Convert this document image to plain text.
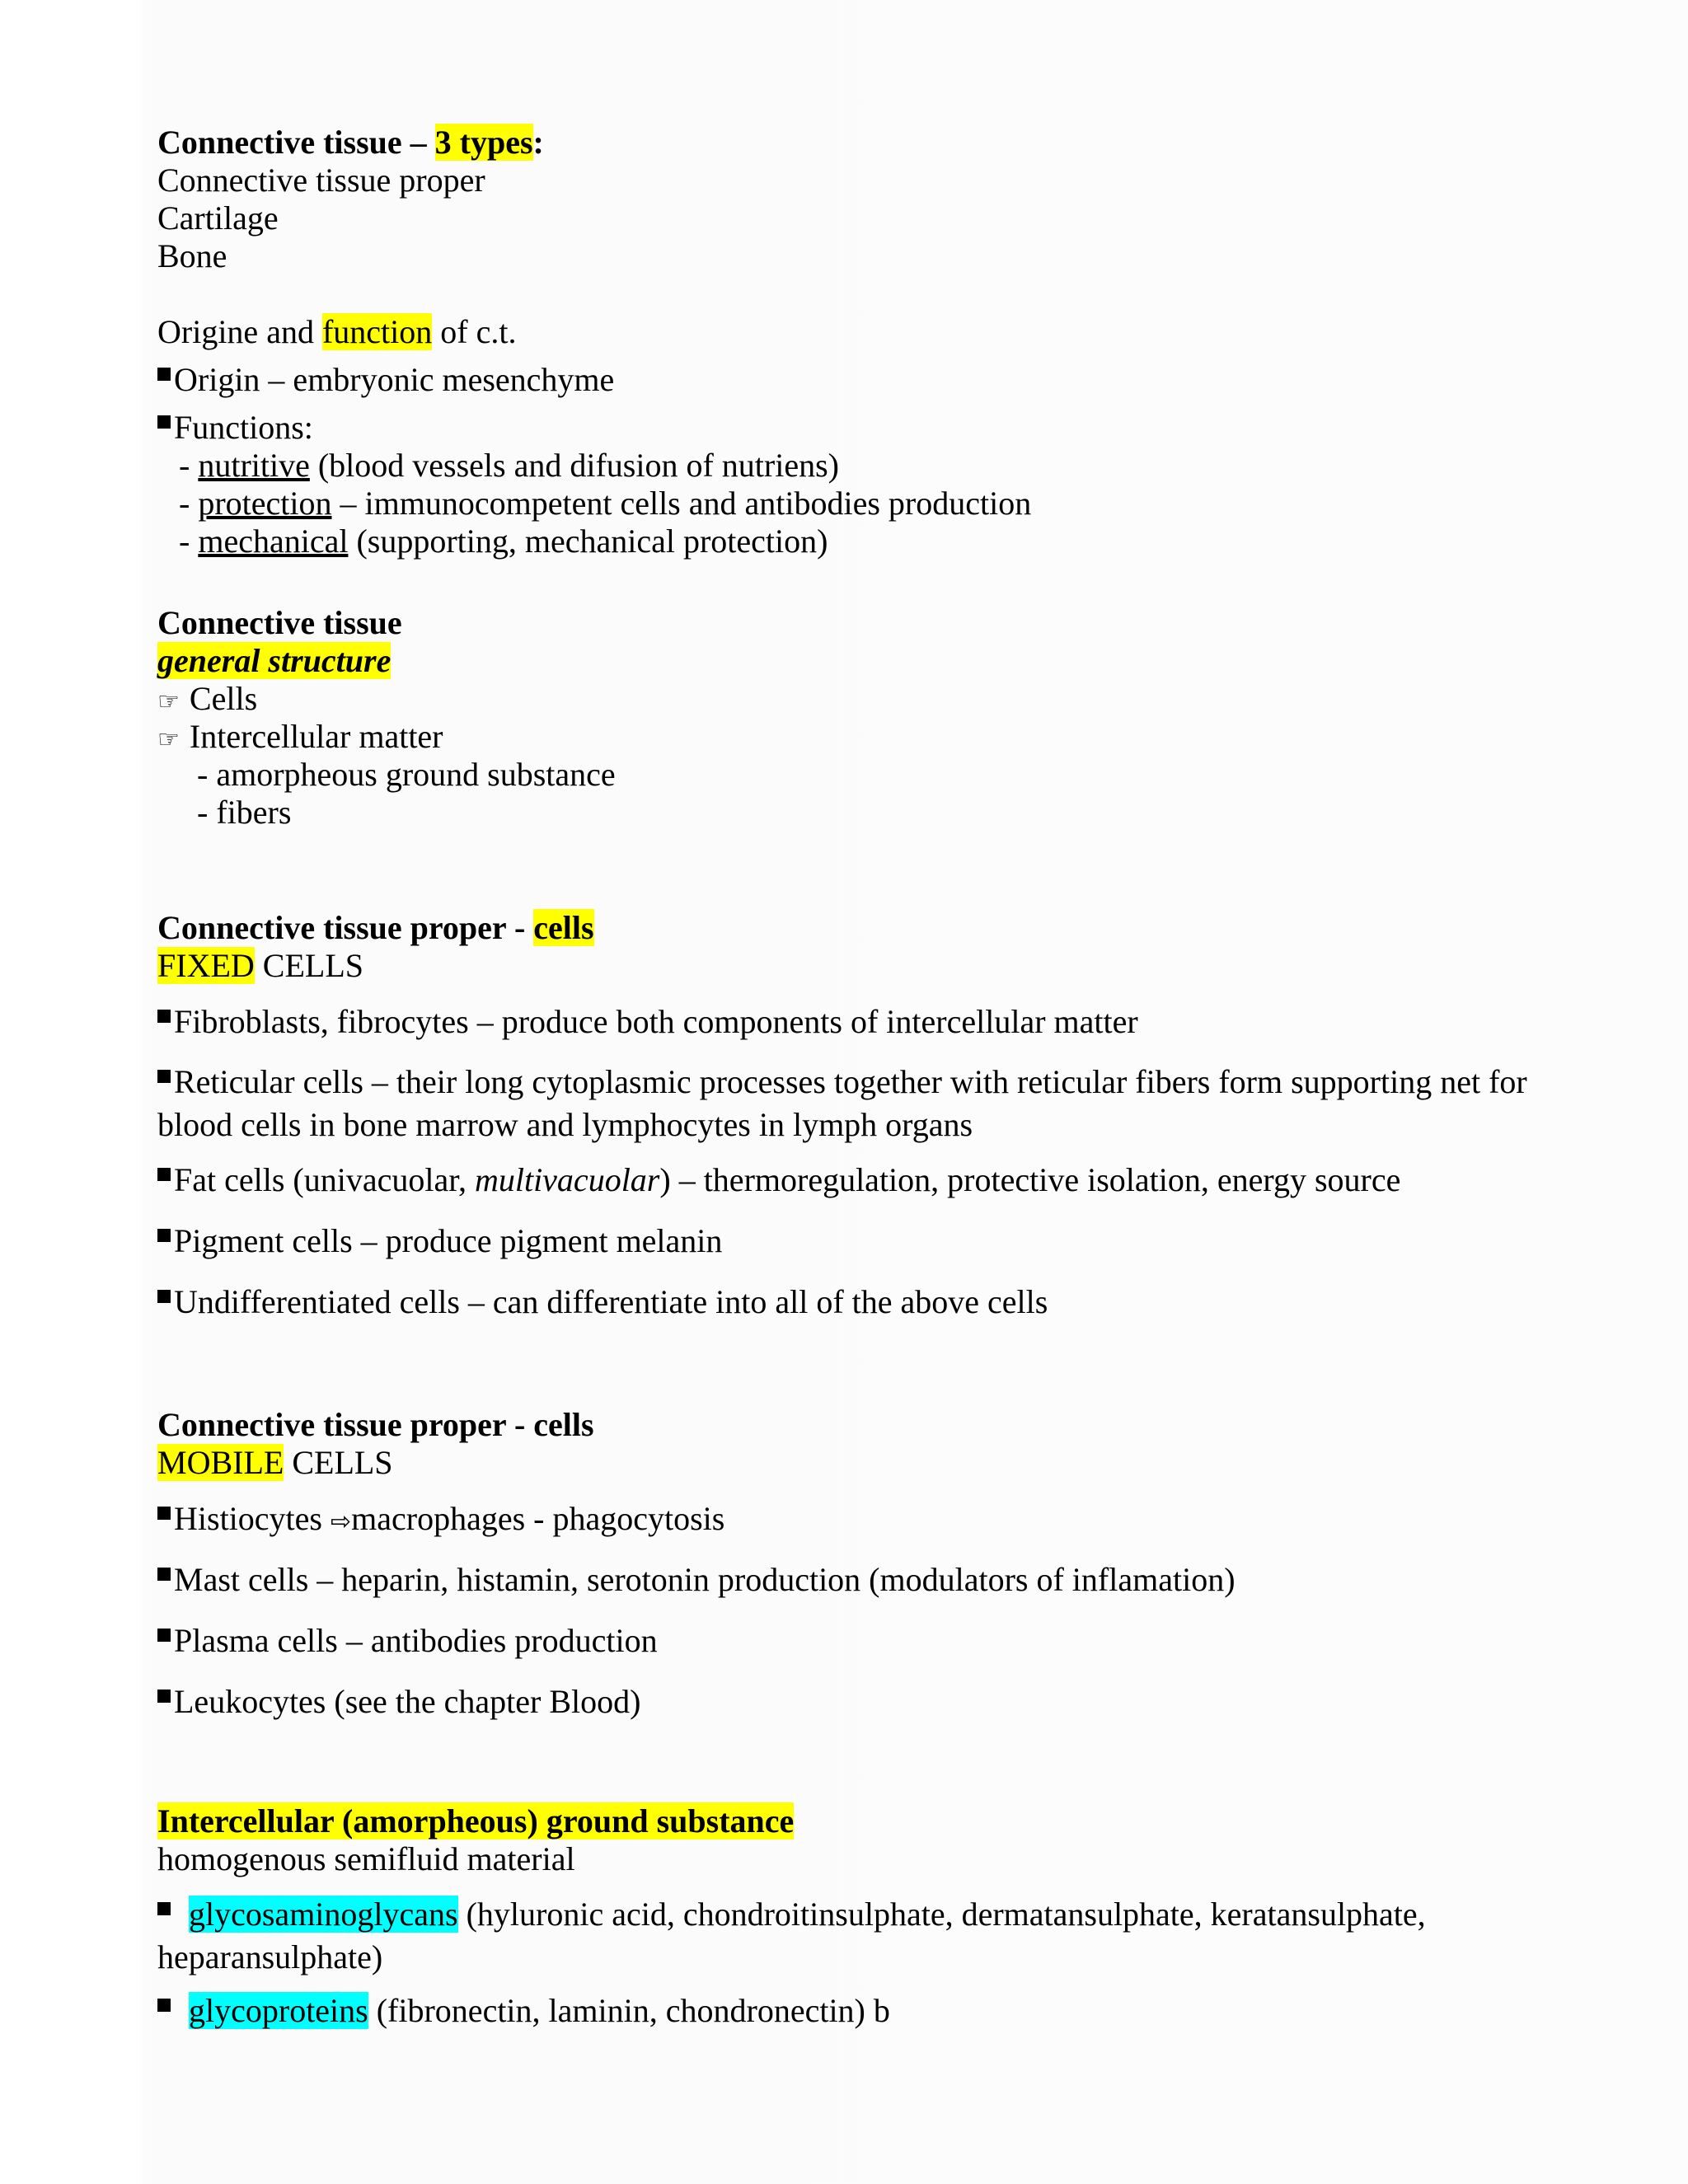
Connective tissue – 3 types:
Connective tissue proper
Cartilage
Bone
Origine and function of c.t.
Origin – embryonic mesenchyme
Functions:
- nutritive (blood vessels and difusion of nutriens)
- protection – immunocompetent cells and antibodies production
- mechanical (supporting, mechanical protection)
Connective tissue
general structure
☞ Cells
☞ Intercellular matter
- amorpheous ground substance
- fibers
Connective tissue proper - cells
FIXED CELLS
Fibroblasts, fibrocytes – produce both components of intercellular matter
Reticular cells – their long cytoplasmic processes together with reticular fibers form supporting net for blood cells in bone marrow and lymphocytes in lymph organs
Fat cells (univacuolar, multivacuolar) – thermoregulation, protective isolation, energy source
Pigment cells – produce pigment melanin
Undifferentiated cells – can differentiate into all of the above cells
Connective tissue proper - cells
MOBILE CELLS
Histiocytes ⇨macrophages - phagocytosis
Mast cells – heparin, histamin, serotonin production (modulators of inflamation)
Plasma cells – antibodies production
Leukocytes (see the chapter Blood)
Intercellular (amorpheous) ground substance
homogenous semifluid material
glycosaminoglycans (hyluronic acid, chondroitinsulphate, dermatansulphate, keratansulphate, heparansulphate)
glycoproteins (fibronectin, laminin, chondronectin) b
